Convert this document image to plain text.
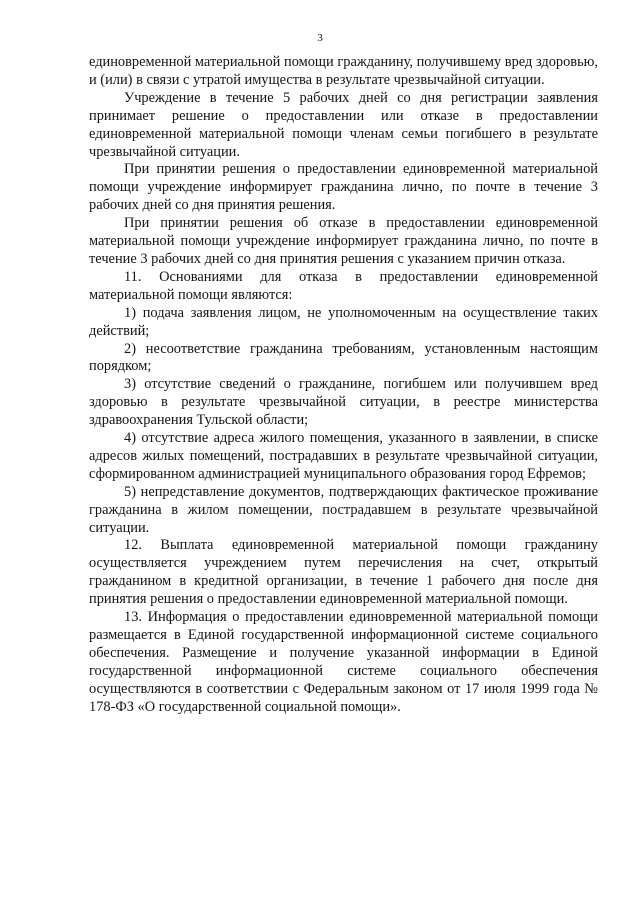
3

единовременной материальной помощи гражданину, получившему вред здоровью, и (или) в связи с утратой имущества в результате чрезвычайной ситуации.

Учреждение в течение 5 рабочих дней со дня регистрации заявления принимает решение о предоставлении или отказе в предоставлении единовременной материальной помощи членам семьи погибшего в результате чрезвычайной ситуации.

При принятии решения о предоставлении единовременной материальной помощи учреждение информирует гражданина лично, по почте в течение 3 рабочих дней со дня принятия решения.

При принятии решения об отказе в предоставлении единовременной материальной помощи учреждение информирует гражданина лично, по почте в течение 3 рабочих дней со дня принятия решения с указанием причин отказа.

11. Основаниями для отказа в предоставлении единовременной материальной помощи являются:

1) подача заявления лицом, не уполномоченным на осуществление таких действий;

2) несоответствие гражданина требованиям, установленным настоящим порядком;

3) отсутствие сведений о гражданине, погибшем или получившем вред здоровью в результате чрезвычайной ситуации, в реестре министерства здравоохранения Тульской области;

4) отсутствие адреса жилого помещения, указанного в заявлении, в списке адресов жилых помещений, пострадавших в результате чрезвычайной ситуации, сформированном администрацией муниципального образования город Ефремов;

5) непредставление документов, подтверждающих фактическое проживание гражданина в жилом помещении, пострадавшем в результате чрезвычайной ситуации.

12. Выплата единовременной материальной помощи гражданину осуществляется учреждением путем перечисления на счет, открытый гражданином в кредитной организации, в течение 1 рабочего дня после дня принятия решения о предоставлении единовременной материальной помощи.

13. Информация о предоставлении единовременной материальной помощи размещается в Единой государственной информационной системе социального обеспечения. Размещение и получение указанной информации в Единой государственной информационной системе социального обеспечения осуществляются в соответствии с Федеральным законом от 17 июля 1999 года № 178-ФЗ «О государственной социальной помощи».
